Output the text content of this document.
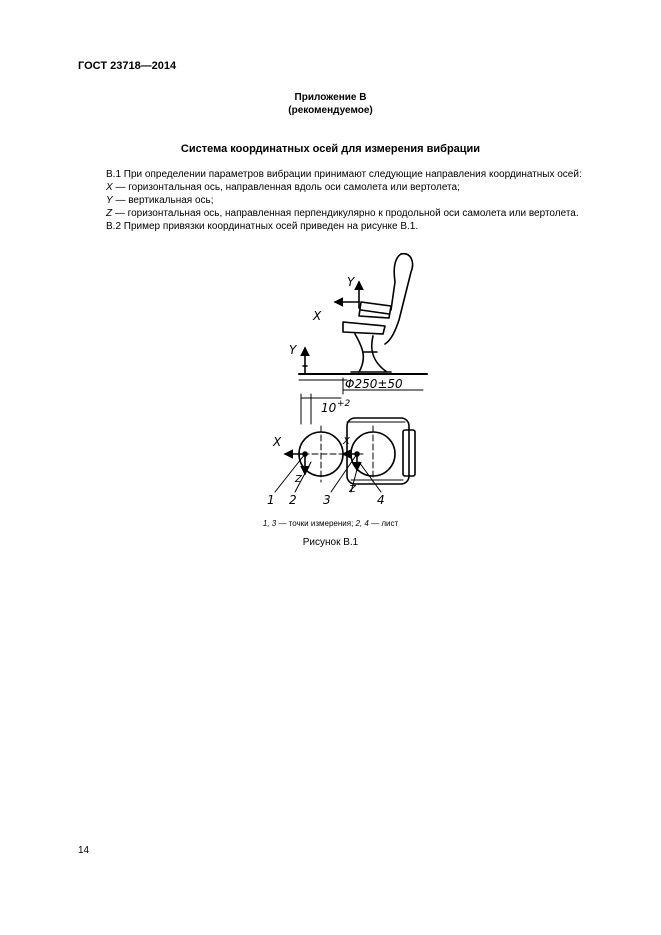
ГОСТ 23718—2014
Приложение В
(рекомендуемое)
Система координатных осей для измерения вибрации

В.1 При определении параметров вибрации принимают следующие направления координатных осей:

X — горизонтальная ось, направленная вдоль оси самолета или вертолета;

Y — вертикальная ось;

Z — горизонтальная ось, направленная перпендикулярно к продольной оси самолета или вертолета.

В.2 Пример привязки координатных осей приведен на рисунке В.1.

Y
X
Y
Φ250±50
10 +2
X	X
Z
Z
1 2 3	4
1, 3 — точки измерения; 2, 4 — лист
Рисунок В.1
14
